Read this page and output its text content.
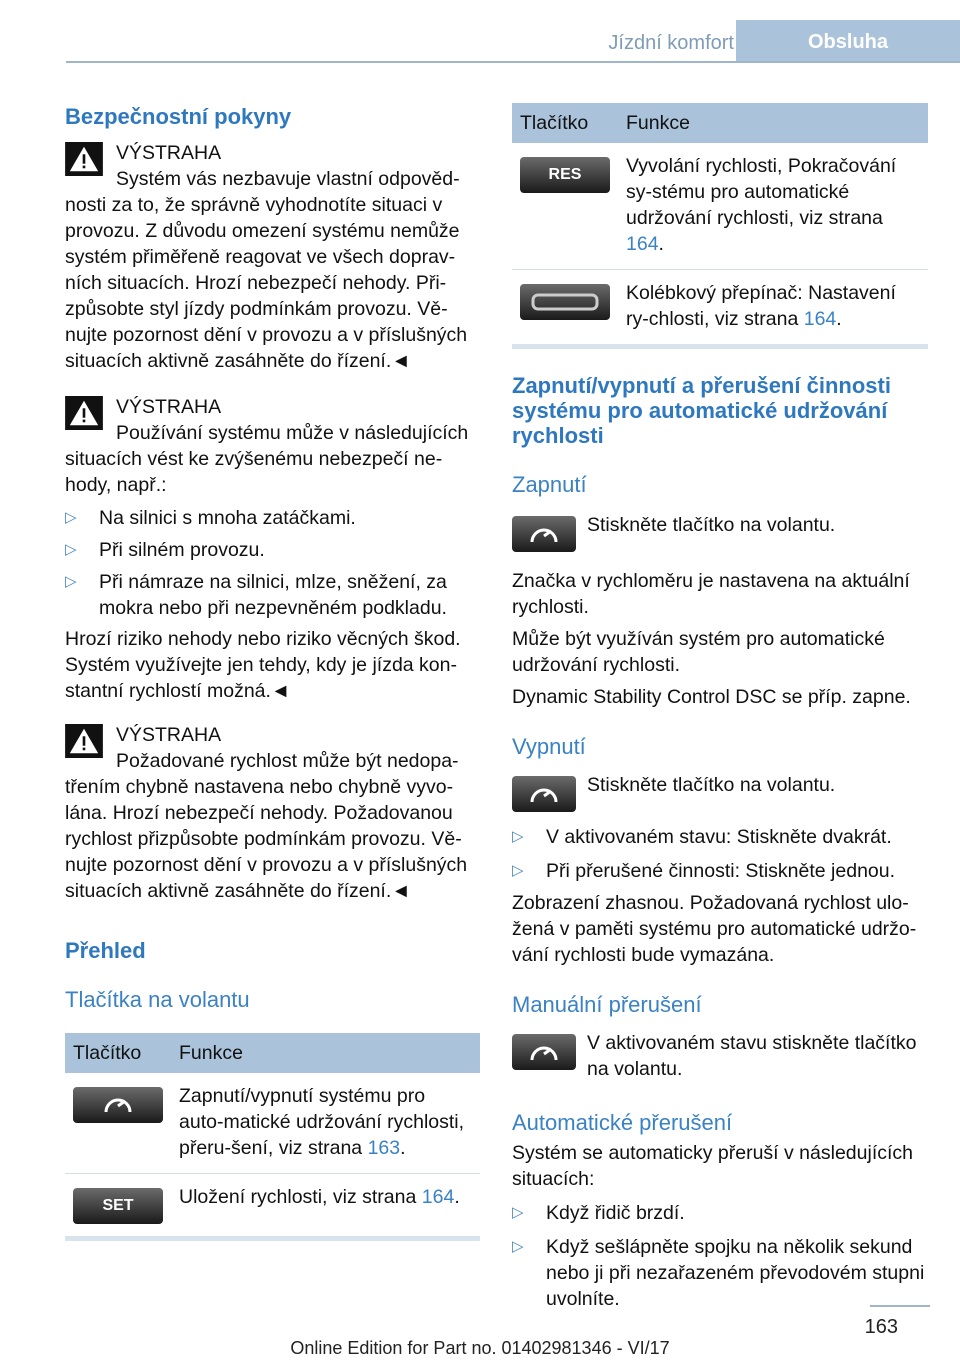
Jízdní komfort	Obsluha

Bezpečnostní pokyny

VÝSTRAHA

Systém vás nezbavuje vlastní odpověd-nosti za to, že správně vyhodnotíte situaci v provozu. Z důvodu omezení systému nemůže systém přiměřeně reagovat ve všech doprav-ních situacích. Hrozí nebezpečí nehody. Při-způsobte styl jízdy podmínkám provozu. Vě-nujte pozornost dění v provozu a v příslušných situacích aktivně zasáhněte do řízení.◄

VÝSTRAHA

Používání systému může v následujících situacích vést ke zvýšenému nebezpečí ne-hody, např.:

▷ Na silnici s mnoha zatáčkami.
▷ Při silném provozu.
▷ Při námraze na silnici, mlze, sněžení, za mokra nebo při nezpevněném podkladu.

Hrozí riziko nehody nebo riziko věcných škod. Systém využívejte jen tehdy, kdy je jízda kon-stantní rychlostí možná.◄

VÝSTRAHA

Požadované rychlost může být nedopa-třením chybně nastavena nebo chybně vyvo-lána. Hrozí nebezpečí nehody. Požadovanou rychlost přizpůsobte podmínkám provozu. Vě-nujte pozornost dění v provozu a v příslušných situacích aktivně zasáhněte do řízení.◄

Přehled

Tlačítka na volantu

Tlačítko	Funkce
	Zapnutí/vypnutí systému pro auto-matické udržování rychlosti, přeru-šení, viz strana 163.
SET	Uložení rychlosti, viz strana 164.
Tlačítko	Funkce
RES	Vyvolání rychlosti, Pokračování sy-stému pro automatické udržování rychlosti, viz strana 164.
	Kolébkový přepínač: Nastavení ry-chlosti, viz strana 164.

Zapnutí/vypnutí a přerušení činnosti systému pro automatické udržování rychlosti

Zapnutí

Stiskněte tlačítko na volantu.

Značka v rychloměru je nastavena na aktuální rychlosti.

Může být využíván systém pro automatické udržování rychlosti.

Dynamic Stability Control DSC se příp. zapne.

Vypnutí

Stiskněte tlačítko na volantu.

▷ V aktivovaném stavu: Stiskněte dvakrát.
▷ Při přerušené činnosti: Stiskněte jednou.

Zobrazení zhasnou. Požadovaná rychlost ulo-žená v paměti systému pro automatické udržo-vání rychlosti bude vymazána.

Manuální přerušení

V aktivovaném stavu stiskněte tlačítko na volantu.

Automatické přerušení

Systém se automaticky přeruší v následujících situacích:

▷ Když řidič brzdí.
▷ Když sešlápněte spojku na několik sekund nebo ji při nezařazeném převodovém stupni uvolníte.
163
Online Edition for Part no. 01402981346 - VI/17
